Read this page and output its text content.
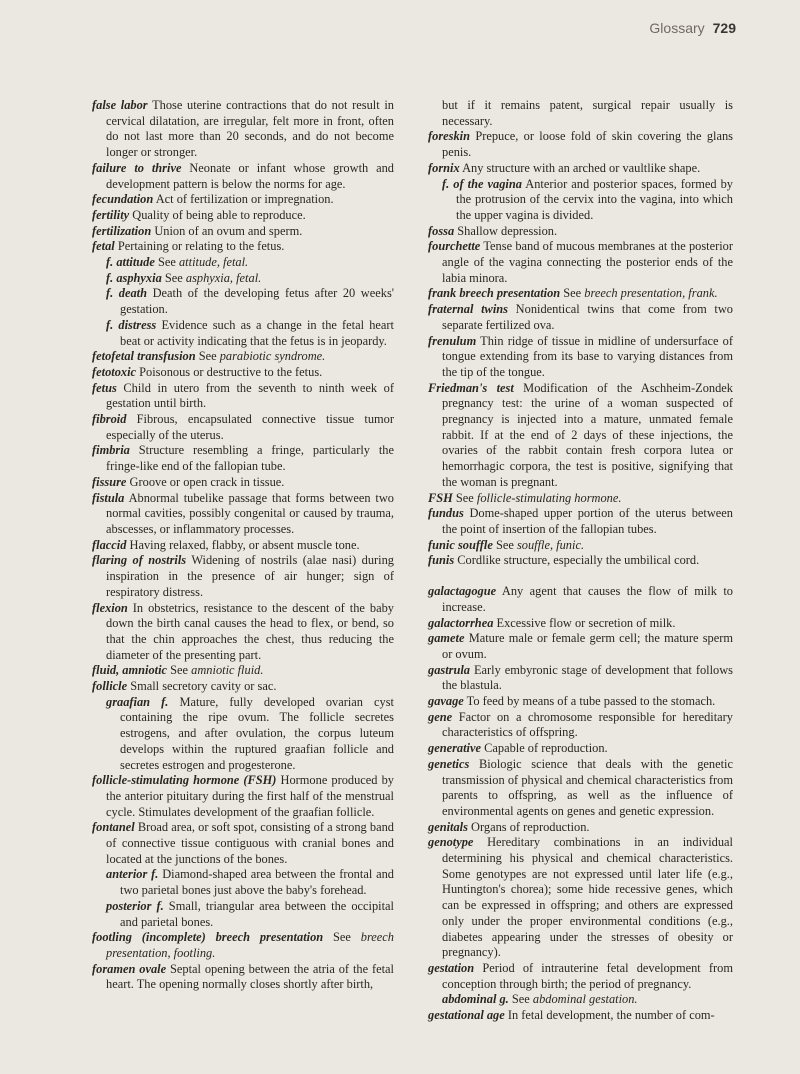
Glossary 729

false labor Those uterine contractions that do not result in cervical dilatation, are irregular, felt more in front, often do not last more than 20 seconds, and do not become longer or stronger.

failure to thrive Neonate or infant whose growth and development pattern is below the norms for age.

fecundation Act of fertilization or impregnation.

fertility Quality of being able to reproduce.

fertilization Union of an ovum and sperm.

fetal Pertaining or relating to the fetus.

f. attitude See attitude, fetal.

f. asphyxia See asphyxia, fetal.

f. death Death of the developing fetus after 20 weeks' gestation.

f. distress Evidence such as a change in the fetal heart beat or activity indicating that the fetus is in jeopardy.

fetofetal transfusion See parabiotic syndrome.

fetotoxic Poisonous or destructive to the fetus.

fetus Child in utero from the seventh to ninth week of gestation until birth.

fibroid Fibrous, encapsulated connective tissue tumor especially of the uterus.

fimbria Structure resembling a fringe, particularly the fringe-like end of the fallopian tube.

fissure Groove or open crack in tissue.

fistula Abnormal tubelike passage that forms between two normal cavities, possibly congenital or caused by trauma, abscesses, or inflammatory processes.

flaccid Having relaxed, flabby, or absent muscle tone.

flaring of nostrils Widening of nostrils (alae nasi) during inspiration in the presence of air hunger; sign of respiratory distress.

flexion In obstetrics, resistance to the descent of the baby down the birth canal causes the head to flex, or bend, so that the chin approaches the chest, thus reducing the diameter of the presenting part.

fluid, amniotic See amniotic fluid.

follicle Small secretory cavity or sac.

graafian f. Mature, fully developed ovarian cyst containing the ripe ovum. The follicle secretes estrogens, and after ovulation, the corpus luteum develops within the ruptured graafian follicle and secretes estrogen and progesterone.

follicle-stimulating hormone (FSH) Hormone produced by the anterior pituitary during the first half of the menstrual cycle. Stimulates development of the graafian follicle.

fontanel Broad area, or soft spot, consisting of a strong band of connective tissue contiguous with cranial bones and located at the junctions of the bones.

anterior f. Diamond-shaped area between the frontal and two parietal bones just above the baby's forehead.

posterior f. Small, triangular area between the occipital and parietal bones.

footling (incomplete) breech presentation See breech presentation, footling.

foramen ovale Septal opening between the atria of the fetal heart. The opening normally closes shortly after birth,

but if it remains patent, surgical repair usually is necessary.

foreskin Prepuce, or loose fold of skin covering the glans penis.

fornix Any structure with an arched or vaultlike shape.

f. of the vagina Anterior and posterior spaces, formed by the protrusion of the cervix into the vagina, into which the upper vagina is divided.

fossa Shallow depression.

fourchette Tense band of mucous membranes at the posterior angle of the vagina connecting the posterior ends of the labia minora.

frank breech presentation See breech presentation, frank.

fraternal twins Nonidentical twins that come from two separate fertilized ova.

frenulum Thin ridge of tissue in midline of undersurface of tongue extending from its base to varying distances from the tip of the tongue.

Friedman's test Modification of the Aschheim-Zondek pregnancy test: the urine of a woman suspected of pregnancy is injected into a mature, unmated female rabbit. If at the end of 2 days of these injections, the ovaries of the rabbit contain fresh corpora lutea or hemorrhagic corpora, the test is positive, signifying that the woman is pregnant.

FSH See follicle-stimulating hormone.

fundus Dome-shaped upper portion of the uterus between the point of insertion of the fallopian tubes.

funic souffle See souffle, funic.

funis Cordlike structure, especially the umbilical cord.

galactagogue Any agent that causes the flow of milk to increase.

galactorrhea Excessive flow or secretion of milk.

gamete Mature male or female germ cell; the mature sperm or ovum.

gastrula Early embyronic stage of development that follows the blastula.

gavage To feed by means of a tube passed to the stomach.

gene Factor on a chromosome responsible for hereditary characteristics of offspring.

generative Capable of reproduction.

genetics Biologic science that deals with the genetic transmission of physical and chemical characteristics from parents to offspring, as well as the influence of environmental agents on genes and genetic expression.

genitals Organs of reproduction.

genotype Hereditary combinations in an individual determining his physical and chemical characteristics. Some genotypes are not expressed until later life (e.g., Huntington's chorea); some hide recessive genes, which can be expressed in offspring; and others are expressed only under the proper environmental conditions (e.g., diabetes appearing under the stresses of obesity or pregnancy).

gestation Period of intrauterine fetal development from conception through birth; the period of pregnancy.

abdominal g. See abdominal gestation.

gestational age In fetal development, the number of com-
